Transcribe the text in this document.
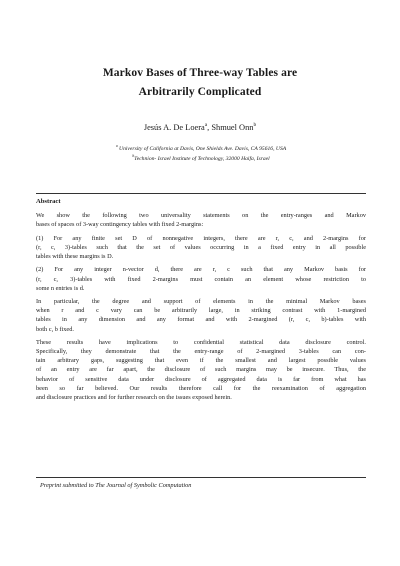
Markov Bases of Three-way Tables are
Arbitrarily Complicated
Jesús A. De Loera$^a$, Shmuel Onn$^b$
$^a$ University of California at Davis, One Shields Ave. Davis, CA 95616, USA
$^b$Technion- Israel Institute of Technology, 32000 Haifa, Israel
Abstract

We show the following two universality statements on the entry-ranges and Markov
bases of spaces of 3-way contingency tables with fixed 2-margins:

(1) For any finite set D of nonnegative integers, there are r, c, and 2-margins for
(r, c, 3)-tables such that the set of values occurring in a fixed entry in all possible
tables with these margins is D.

(2) For any integer n-vector d, there are r, c such that any Markov basis for
(r, c, 3)-tables with fixed 2-margins must contain an element whose restriction to
some n entries is d.

In particular, the degree and support of elements in the minimal Markov bases
when r and c vary can be arbitrarily large, in striking contrast with 1-margined
tables in any dimension and any format and with 2-margined (r, c, b)-tables with
both c, b fixed.

These results have implications to confidential statistical data disclosure control.
Specifically, they demonstrate that the entry-range of 2-margined 3-tables can con-
tain arbitrary gaps, suggesting that even if the smallest and largest possible values
of an entry are far apart, the disclosure of such margins may be insecure. Thus, the
behavior of sensitive data under disclosure of aggregated data is far from what has
been so far believed. Our results therefore call for the reexamination of aggregation
and disclosure practices and for further research on the issues exposed herein.

Preprint submitted to The Journal of Symbolic Computation
